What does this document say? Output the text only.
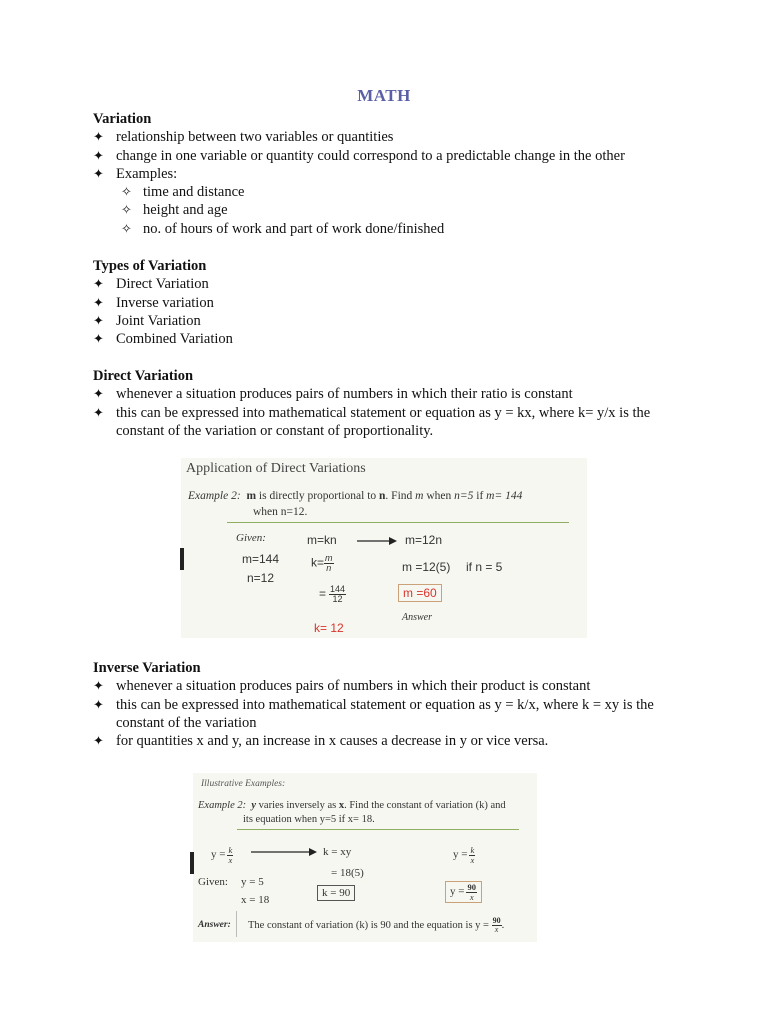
MATH
Variation
✦ relationship between two variables or quantities
✦ change in one variable or quantity could correspond to a predictable change in the other
✦ Examples:
✧ time and distance
✧ height and age
✧ no. of hours of work and part of work done/finished
Types of Variation
✦ Direct Variation
✦ Inverse variation
✦ Joint Variation
✦ Combined Variation
Direct Variation
✦ whenever a situation produces pairs of numbers in which their ratio is constant
✦ this can be expressed into mathematical statement or equation as y = kx, where k= y/x is the constant of the variation or constant of proportionality.
Application of Direct Variations
Example 2: m is directly proportional to n. Find m when n=5 if m= 144
when n=12.
Given:
m=144
n=12
m=kn	m=12n
$k= \frac{m}{n}$
= $\frac{144}{12}$
k= 12
m =12(5) if n = 5
m =60
Answer
Inverse Variation
✦ whenever a situation produces pairs of numbers in which their product is constant
✦ this can be expressed into mathematical statement or equation as y = k/x, where k = xy is the constant of the variation
✦ for quantities x and y, an increase in x causes a decrease in y or vice versa.
Illustrative Examples:
Example 2: y varies inversely as x. Find the constant of variation (k) and
its equation when y=5 if x= 18.
$y = \frac{k}{x}$	k = xy
= 18(5)
k = 90
$y = \frac{k}{x}$
$y = \frac{90}{x}$
Given: y = 5
x = 18
Answer: The constant of variation (k) is 90 and the equation is $y = \frac{90}{x}$ .
